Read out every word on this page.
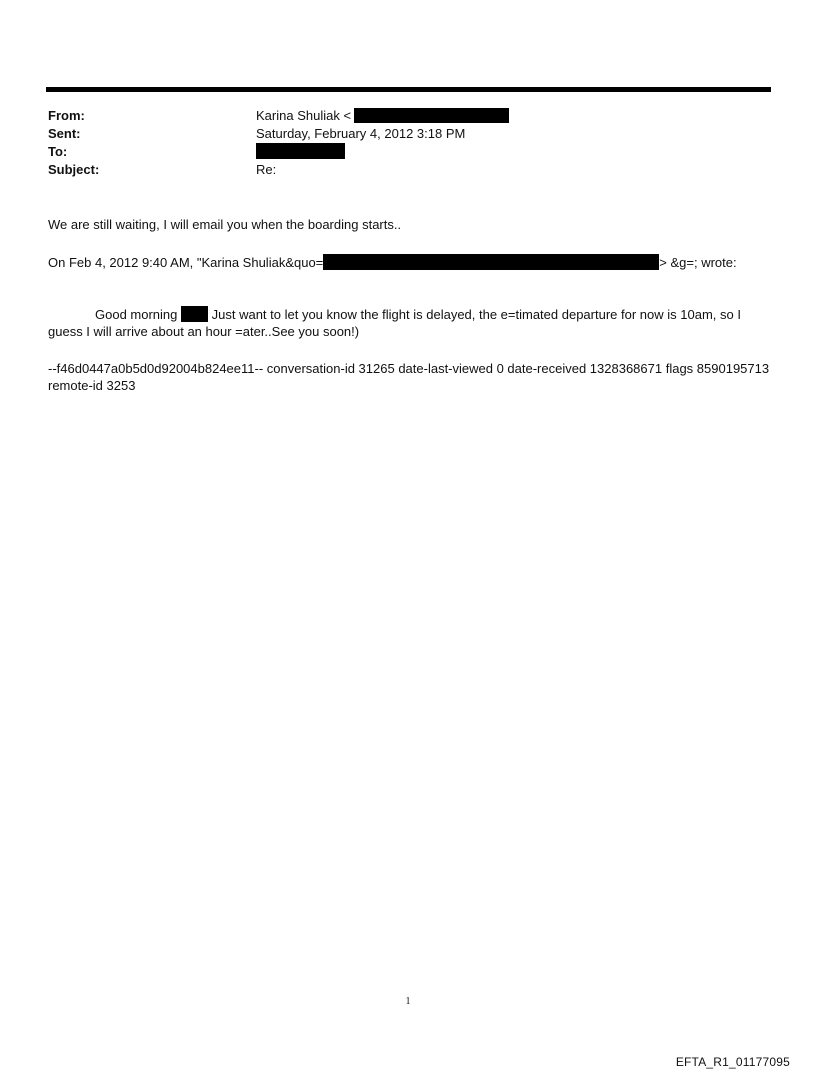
From:	Karina Shuliak <
Sent:	Saturday, February 4, 2012 3:18 PM
To:
Subject:	Re:
We are still waiting, I will email you when the boarding starts..
On Feb 4, 2012 9:40 AM, "Karina Shuliak&quo=	> &g=; wrote:
Good morning  Just want to let you know the flight is delayed, the e=timated departure for now is 10am, so I guess I will arrive about an hour =ater..See you soon!)
--f46d0447a0b5d0d92004b824ee11-- conversation-id 31265 date-last-viewed 0 date-received 1328368671 flags 8590195713 remote-id 3253
1
EFTA_R1_01177095
